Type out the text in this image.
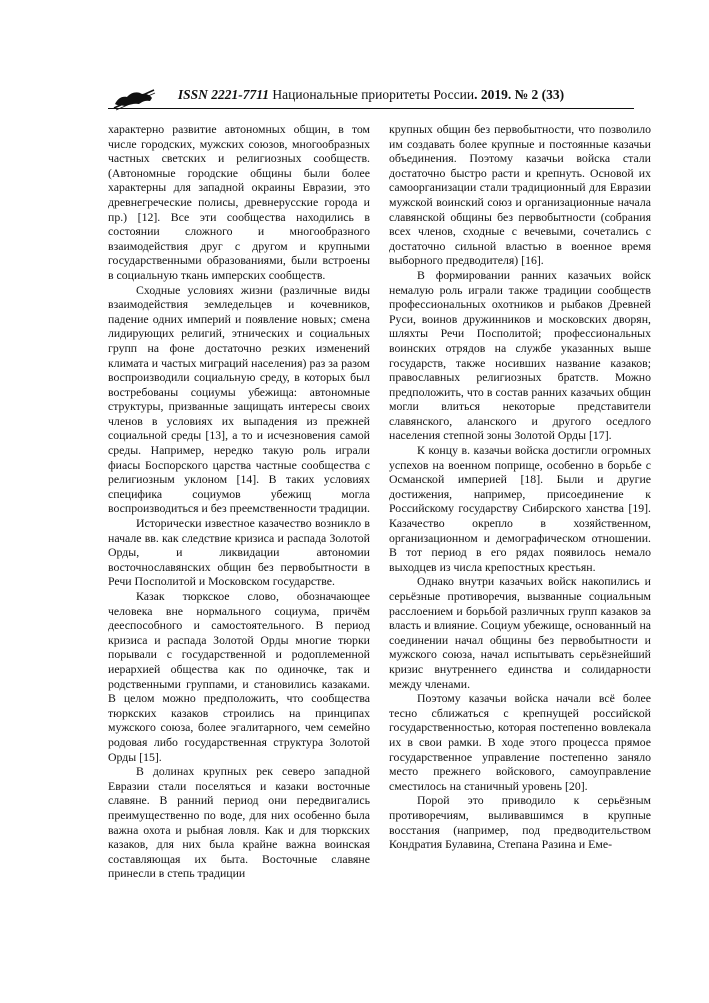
ISSN 2221-7711 Национальные приоритеты России. 2019. № 2 (33)

характерно развитие автономных общин, в том числе городских, мужских союзов, многообразных частных светских и религиозных сообществ. (Автономные городские общины были более характерны для западной окраины Евразии, это древнегреческие полисы, древнерусские города и пр.) [12]. Все эти сообщества находились в состоянии сложного и многообразного взаимодействия друг с другом и крупными государственными образованиями, были встроены в социальную ткань имперских сообществ.

Сходные условиях жизни (различные виды взаимодействия земледельцев и кочевников, падение одних империй и появление новых; смена лидирующих религий, этнических и социальных групп на фоне достаточно резких изменений климата и частых миграций населения) раз за разом воспроизводили социальную среду, в которых был востребованы социумы убежища: автономные структуры, призванные защищать интересы своих членов в условиях их выпадения из прежней социальной среды [13], а то и исчезновения самой среды. Например, нередко такую роль играли фиасы Боспорского царства частные сообщества с религиозным уклоном [14]. В таких условиях специфика социумов убежищ могла воспроизводиться и без преемственности традиции.

Исторически известное казачество возникло в начале вв. как следствие кризиса и распада Золотой Орды, и ликвидации автономии восточнославянских общин без первобытности в Речи Посполитой и Московском государстве.

Казак тюркское слово, обозначающее человека вне нормального социума, причём дееспособного и самостоятельного. В период кризиса и распада Золотой Орды многие тюрки порывали с государственной и родоплеменной иерархией общества как по одиночке, так и родственными группами, и становились казаками. В целом можно предположить, что сообщества тюркских казаков строились на принципах мужского союза, более эгалитарного, чем семейно родовая либо государственная структура Золотой Орды [15].

В долинах крупных рек северо западной Евразии стали поселяться и казаки восточные славяне. В ранний период они передвигались преимущественно по воде, для них особенно была важна охота и рыбная ловля. Как и для тюркских казаков, для них была крайне важна воинская составляющая их быта. Восточные славяне принесли в степь традиции

крупных общин без первобытности, что позволило им создавать более крупные и постоянные казачьи объединения. Поэтому казачьи войска стали достаточно быстро расти и крепнуть. Основой их самоорганизации стали традиционный для Евразии мужской воинский союз и организационные начала славянской общины без первобытности (собрания всех членов, сходные с вечевыми, сочетались с достаточно сильной властью в военное время выборного предводителя) [16].

В формировании ранних казачьих войск немалую роль играли также традиции сообществ профессиональных охотников и рыбаков Древней Руси, воинов дружинников и московских дворян, шляхты Речи Посполитой; профессиональных воинских отрядов на службе указанных выше государств, также носивших название казаков; православных религиозных братств. Можно предположить, что в состав ранних казачьих общин могли влиться некоторые представители славянского, аланского и другого оседлого населения степной зоны Золотой Орды [17].

К концу в. казачьи войска достигли огромных успехов на военном поприще, особенно в борьбе с Османской империей [18]. Были и другие достижения, например, присоединение к Российскому государству Сибирского ханства [19]. Казачество окрепло в хозяйственном, организационном и демографическом отношении. В тот период в его рядах появилось немало выходцев из числа крепостных крестьян.

Однако внутри казачьих войск накопились и серьёзные противоречия, вызванные социальным расслоением и борьбой различных групп казаков за власть и влияние. Социум убежище, основанный на соединении начал общины без первобытности и мужского союза, начал испытывать серьёзнейший кризис внутреннего единства и солидарности между членами.

Поэтому казачьи войска начали всё более тесно сближаться с крепнущей российской государственностью, которая постепенно вовлекала их в свои рамки. В ходе этого процесса прямое государственное управление постепенно заняло место прежнего войскового, самоуправление сместилось на станичный уровень [20].

Порой это приводило к серьёзным противоречиям, выливавшимся в крупные восстания (например, под предводительством Кондратия Булавина, Степана Разина и Еме-
